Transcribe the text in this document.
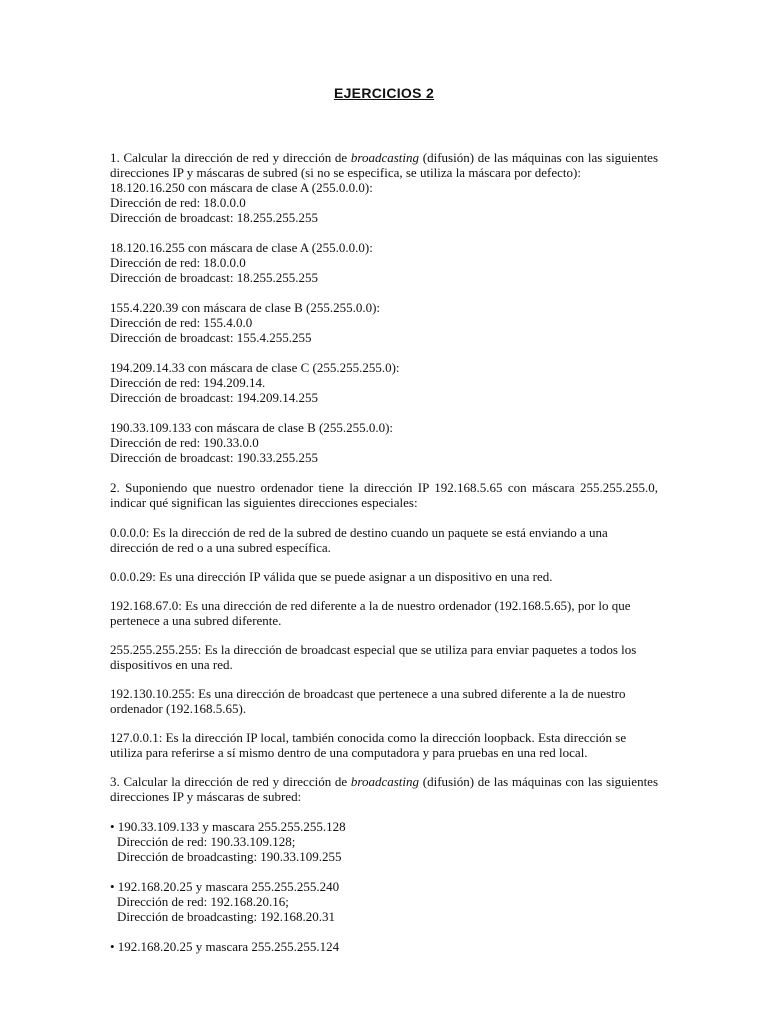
EJERCICIOS 2

1. Calcular la dirección de red y dirección de broadcasting (difusión) de las máquinas con las siguientes direcciones IP y máscaras de subred (si no se especifica, se utiliza la máscara por defecto):

18.120.16.250 con máscara de clase A (255.0.0.0):
Dirección de red: 18.0.0.0
Dirección de broadcast: 18.255.255.255
18.120.16.255 con máscara de clase A (255.0.0.0):
Dirección de red: 18.0.0.0
Dirección de broadcast: 18.255.255.255
155.4.220.39 con máscara de clase B (255.255.0.0):
Dirección de red: 155.4.0.0
Dirección de broadcast: 155.4.255.255
194.209.14.33 con máscara de clase C (255.255.255.0):
Dirección de red: 194.209.14.
Dirección de broadcast: 194.209.14.255
190.33.109.133 con máscara de clase B (255.255.0.0):
Dirección de red: 190.33.0.0
Dirección de broadcast: 190.33.255.255

2. Suponiendo que nuestro ordenador tiene la dirección IP 192.168.5.65 con máscara 255.255.255.0, indicar qué significan las siguientes direcciones especiales:

0.0.0.0: Es la dirección de red de la subred de destino cuando un paquete se está enviando a una dirección de red o a una subred específica.

0.0.0.29: Es una dirección IP válida que se puede asignar a un dispositivo en una red.

192.168.67.0: Es una dirección de red diferente a la de nuestro ordenador (192.168.5.65), por lo que pertenece a una subred diferente.

255.255.255.255: Es la dirección de broadcast especial que se utiliza para enviar paquetes a todos los dispositivos en una red.

192.130.10.255: Es una dirección de broadcast que pertenece a una subred diferente a la de nuestro ordenador (192.168.5.65).

127.0.0.1: Es la dirección IP local, también conocida como la dirección loopback. Esta dirección se utiliza para referirse a sí mismo dentro de una computadora y para pruebas en una red local.

3. Calcular la dirección de red y dirección de broadcasting (difusión) de las máquinas con las siguientes direcciones IP y máscaras de subred:

• 190.33.109.133 y mascara 255.255.255.128
Dirección de red: 190.33.109.128;
Dirección de broadcasting: 190.33.109.255
• 192.168.20.25 y mascara 255.255.255.240
Dirección de red: 192.168.20.16;
Dirección de broadcasting: 192.168.20.31
• 192.168.20.25 y mascara 255.255.255.124
